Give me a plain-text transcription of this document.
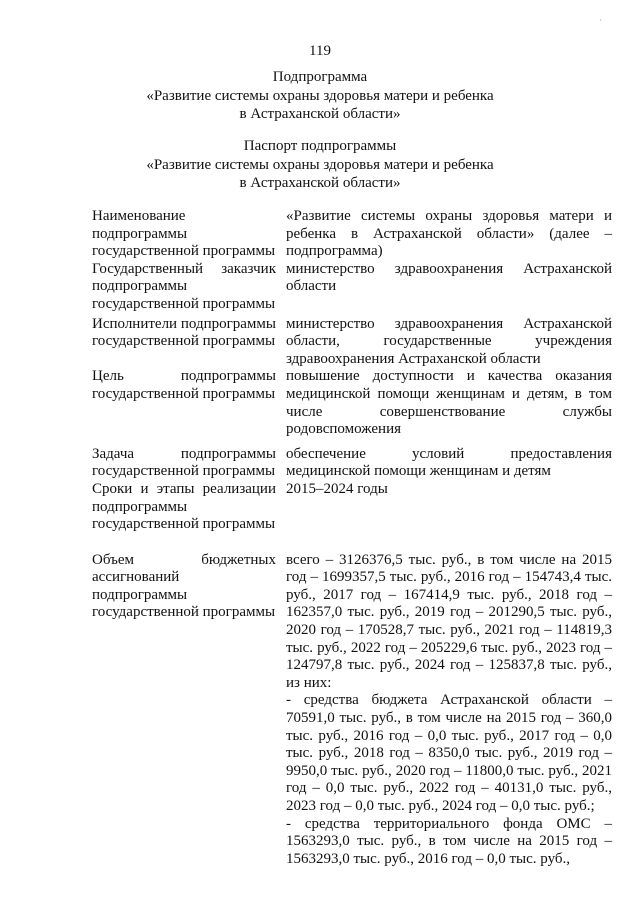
·
119
Подпрограмма
«Развитие системы охраны здоровья матери и ребенка
в Астраханской области»
Паспорт подпрограммы
«Развитие системы охраны здоровья матери и ребенка
в Астраханской области»
Наименование подпрограммы государственной программы	«Развитие системы охраны здоровья матери и ребенка в Астраханской области» (далее – подпрограмма)
Государственный заказчик подпрограммы государственной программы	министерство здравоохранения Астраханской области
Исполнители подпрограммы государственной программы	министерство здравоохранения Астраханской области, государственные учреждения здравоохранения Астраханской области
Цель подпрограммы государственной программы	повышение доступности и качества оказания медицинской помощи женщинам и детям, в том числе совершенствование службы родовспоможения
Задача подпрограммы государственной программы	обеспечение условий предоставления медицинской помощи женщинам и детям
Сроки и этапы реализации подпрограммы государственной программы	2015–2024 годы
Объем бюджетных ассигнований подпрограммы государственной программы	всего – 3126376,5 тыс. руб., в том числе на 2015 год – 1699357,5 тыс. руб., 2016 год – 154743,4 тыс. руб., 2017 год – 167414,9 тыс. руб., 2018 год – 162357,0 тыс. руб., 2019 год – 201290,5 тыс. руб., 2020 год – 170528,7 тыс. руб., 2021 год – 114819,3 тыс. руб., 2022 год – 205229,6 тыс. руб., 2023 год – 124797,8 тыс. руб., 2024 год – 125837,8 тыс. руб., из них:
- средства бюджета Астраханской области – 70591,0 тыс. руб., в том числе на 2015 год – 360,0 тыс. руб., 2016 год – 0,0 тыс. руб., 2017 год – 0,0 тыс. руб., 2018 год – 8350,0 тыс. руб., 2019 год – 9950,0 тыс. руб., 2020 год – 11800,0 тыс. руб., 2021 год – 0,0 тыс. руб., 2022 год – 40131,0 тыс. руб., 2023 год – 0,0 тыс. руб., 2024 год – 0,0 тыс. руб.;
- средства территориального фонда ОМС – 1563293,0 тыс. руб., в том числе на 2015 год – 1563293,0 тыс. руб., 2016 год – 0,0 тыс. руб.,
